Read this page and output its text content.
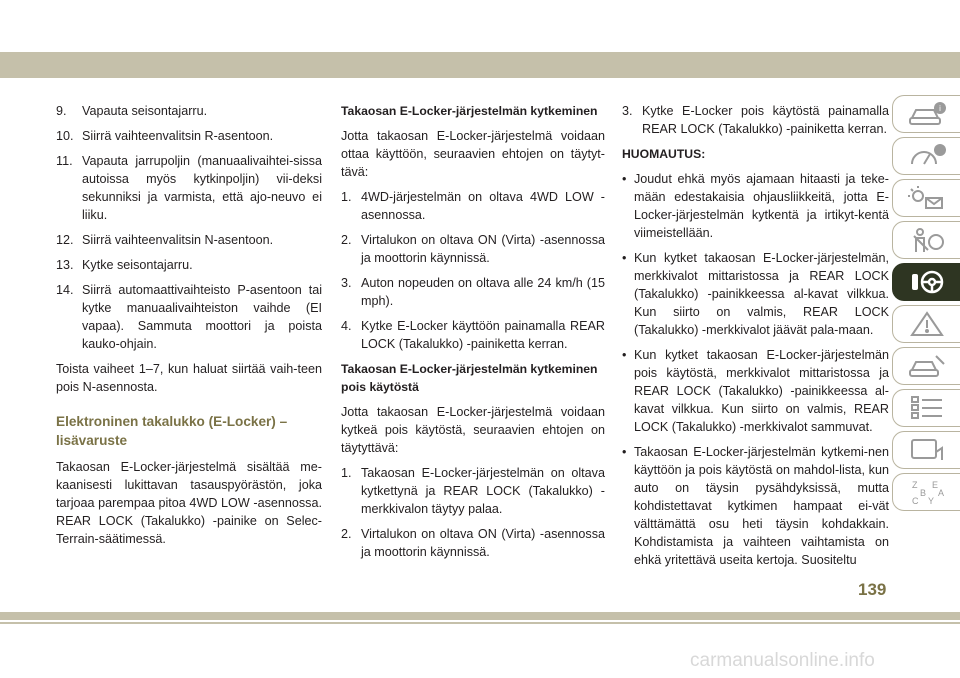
9. Vapauta seisontajarru.
10. Siirrä vaihteenvalitsin R-asentoon.
11. Vapauta jarrupoljin (manuaalivaihtei-sissa autoissa myös kytkinpoljin) vii-deksi sekunniksi ja varmista, että ajo-neuvo ei liiku.
12. Siirrä vaihteenvalitsin N-asentoon.
13. Kytke seisontajarru.
14. Siirrä automaattivaihteisto P-asentoon tai kytke manuaalivaihteiston vaihde (EI vapaa). Sammuta moottori ja poista kauko-ohjain.

Toista vaiheet 1–7, kun haluat siirtää vaih-teen pois N-asennosta.

Elektroninen takalukko (E-Locker) – lisävaruste

Takaosan E-Locker-järjestelmä sisältää me-kaanisesti lukittavan tasauspyörästön, joka tarjoaa parempaa pitoa 4WD LOW -asennossa. REAR LOCK (Takalukko) -painike on Selec-Terrain-säätimessä.

Takaosan E-Locker-järjestelmän kytkeminen

Jotta takaosan E-Locker-järjestelmä voidaan ottaa käyttöön, seuraavien ehtojen on täytyt-tävä:

1. 4WD-järjestelmän on oltava 4WD LOW -asennossa.
2. Virtalukon on oltava ON (Virta) -asennossa ja moottorin käynnissä.
3. Auton nopeuden on oltava alle 24 km/h (15 mph).
4. Kytke E-Locker käyttöön painamalla REAR LOCK (Takalukko) -painiketta kerran.
Takaosan E-Locker-järjestelmän kytkeminen pois käytöstä

Jotta takaosan E-Locker-järjestelmä voidaan kytkeä pois käytöstä, seuraavien ehtojen on täytyttävä:

1. Takaosan E-Locker-järjestelmän on oltava kytkettynä ja REAR LOCK (Takalukko) -merkkivalon täytyy palaa.
2. Virtalukon on oltava ON (Virta) -asennossa ja moottorin käynnissä.
3. Kytke E-Locker pois käytöstä painamalla REAR LOCK (Takalukko) -painiketta kerran.
HUOMAUTUS:
• Joudut ehkä myös ajamaan hitaasti ja teke-mään edestakaisia ohjausliikkeitä, jotta E-Locker-järjestelmän kytkentä ja irtikyt-kentä viimeistellään.
• Kun kytket takaosan E-Locker-järjestelmän, merkkivalot mittaristossa ja REAR LOCK (Takalukko) -painikkeessa al-kavat vilkkua. Kun siirto on valmis, REAR LOCK (Takalukko) -merkkivalot jäävät pala-maan.
• Kun kytket takaosan E-Locker-järjestelmän pois käytöstä, merkkivalot mittaristossa ja REAR LOCK (Takalukko) -painikkeessa al-kavat vilkkua. Kun siirto on valmis, REAR LOCK (Takalukko) -merkkivalot sammuvat.
• Takaosan E-Locker-järjestelmän kytkemi-nen käyttöön ja pois käytöstä on mahdol-lista, kun auto on täysin pysähdyksissä, mutta kohdistettavat kytkimen hampaat ei-vät välttämättä osu heti täysin kohdakkain. Kohdistamista ja vaihteen vaihtamista on ehkä yritettävä useita kertoja. Suositeltu
i
Z E
B A
C Y
139
carmanualsonline.info
